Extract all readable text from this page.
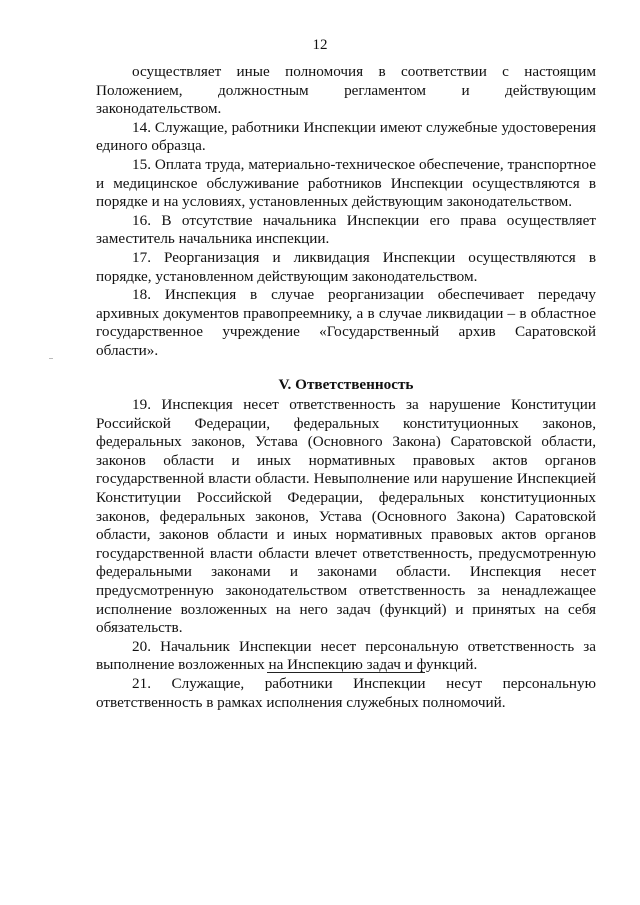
12

осуществляет иные полномочия в соответствии с настоящим Положением, должностным регламентом и действующим законодательством.

14. Служащие, работники Инспекции имеют служебные удостоверения единого образца.

15. Оплата труда, материально-техническое обеспечение, транспортное и медицинское обслуживание работников Инспекции осуществляются в порядке и на условиях, установленных действующим законодательством.

16. В отсутствие начальника Инспекции его права осуществляет заместитель начальника инспекции.

17. Реорганизация и ликвидация Инспекции осуществляются в порядке, установленном действующим законодательством.

18. Инспекция в случае реорганизации обеспечивает передачу архивных документов правопреемнику, а в случае ликвидации – в областное государственное учреждение «Государственный архив Саратовской области».

V. Ответственность

19. Инспекция несет ответственность за нарушение Конституции Российской Федерации, федеральных конституционных законов, федеральных законов, Устава (Основного Закона) Саратовской области, законов области и иных нормативных правовых актов органов государственной власти области. Невыполнение или нарушение Инспекцией Конституции Российской Федерации, федеральных конституционных законов, федеральных законов, Устава (Основного Закона) Саратовской области, законов области и иных нормативных правовых актов органов государственной власти области влечет ответственность, предусмотренную федеральными законами и законами области. Инспекция несет предусмотренную законодательством ответственность за ненадлежащее исполнение возложенных на него задач (функций) и принятых на себя обязательств.

20. Начальник Инспекции несет персональную ответственность за выполнение возложенных на Инспекцию задач и функций.

21. Служащие, работники Инспекции несут персональную ответственность в рамках исполнения служебных полномочий.
